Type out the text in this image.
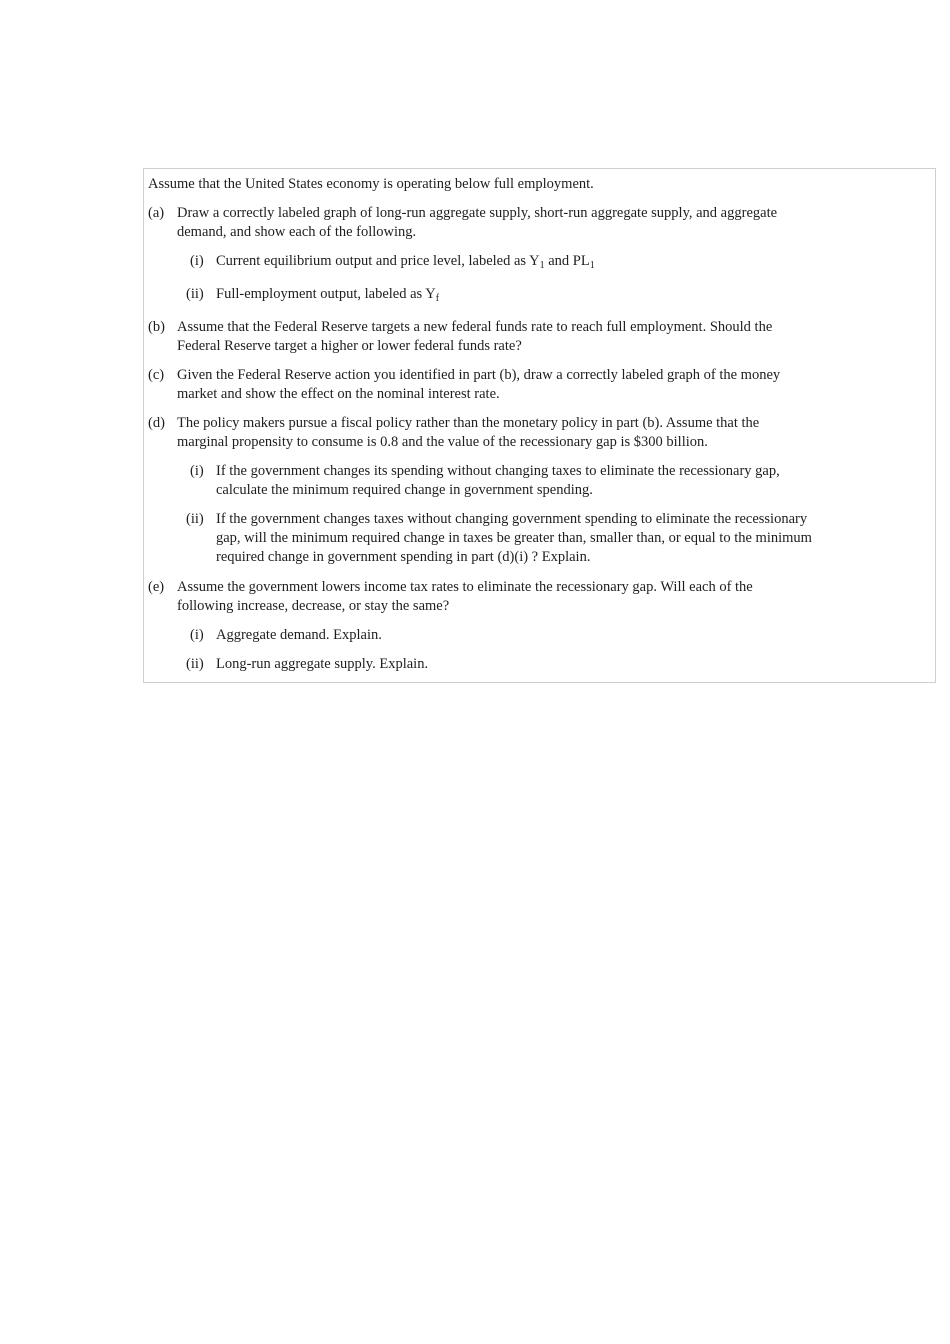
Assume that the United States economy is operating below full employment.
(a) Draw a correctly labeled graph of long-run aggregate supply, short-run aggregate supply, and aggregate
demand, and show each of the following.
(i) Current equilibrium output and price level, labeled as $Y_1$ and $PL_1$
(ii) Full-employment output, labeled as $Y_f$
(b) Assume that the Federal Reserve targets a new federal funds rate to reach full employment. Should the
Federal Reserve target a higher or lower federal funds rate?
(c) Given the Federal Reserve action you identified in part (b), draw a correctly labeled graph of the money
market and show the effect on the nominal interest rate.
(d) The policy makers pursue a fiscal policy rather than the monetary policy in part (b). Assume that the
marginal propensity to consume is 0.8 and the value of the recessionary gap is $300 billion.
(i) If the government changes its spending without changing taxes to eliminate the recessionary gap,
calculate the minimum required change in government spending.
(ii) If the government changes taxes without changing government spending to eliminate the recessionary
gap, will the minimum required change in taxes be greater than, smaller than, or equal to the minimum
required change in government spending in part (d)(i) ? Explain.
(e) Assume the government lowers income tax rates to eliminate the recessionary gap. Will each of the
following increase, decrease, or stay the same?
(i) Aggregate demand. Explain.
(ii) Long-run aggregate supply. Explain.
